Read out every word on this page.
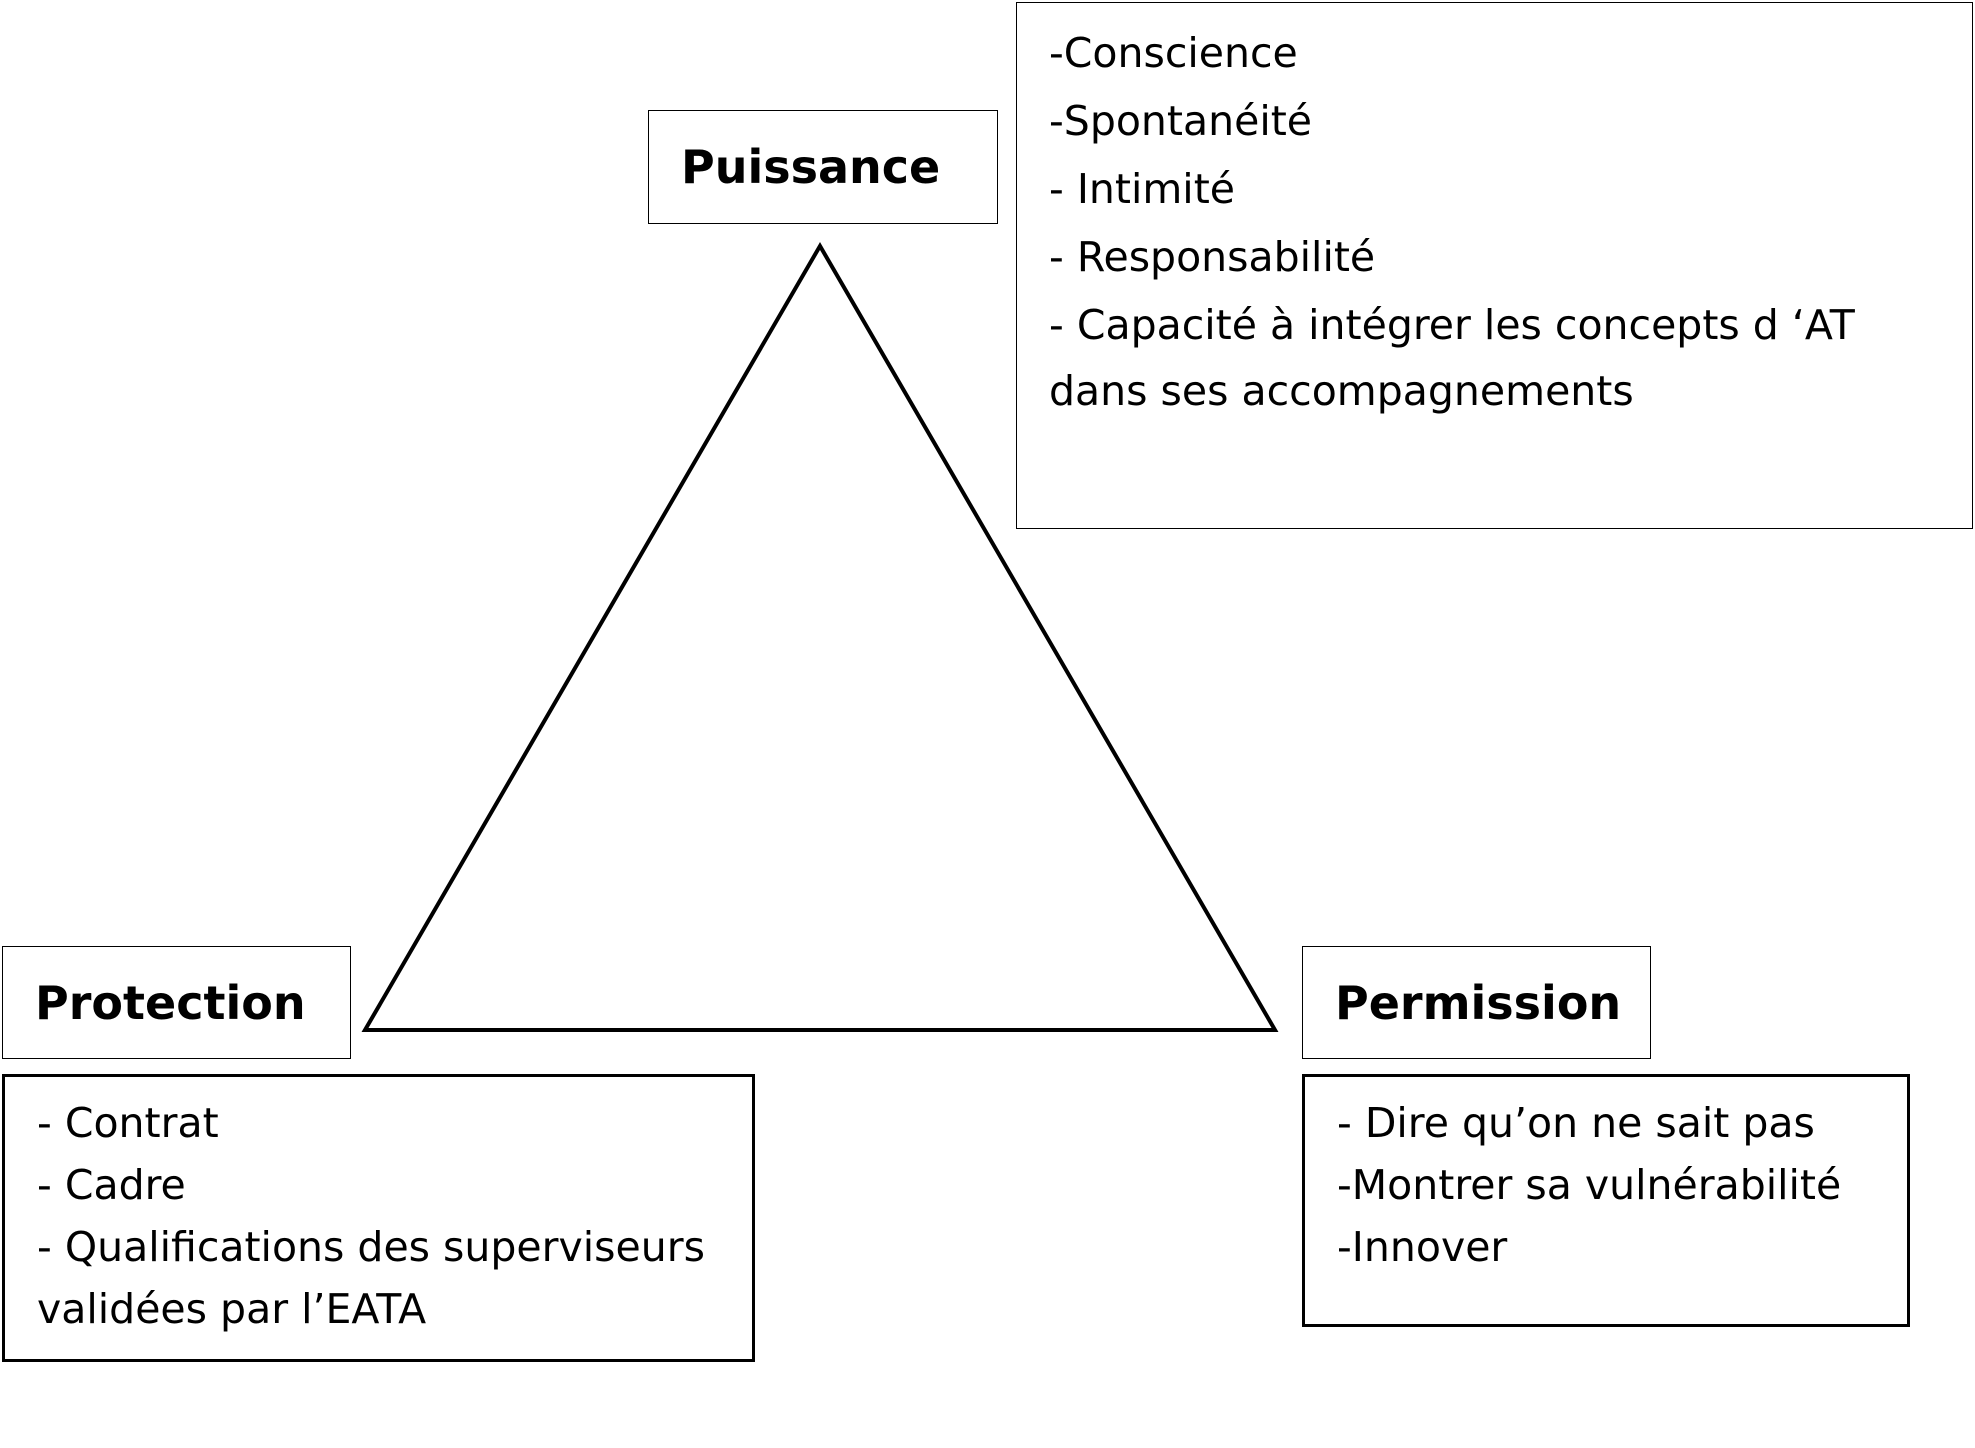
Puissance
-Conscience
-Spontanéité
- Intimité
- Responsabilité
- Capacité à intégrer les concepts d ‘AT
dans ses accompagnements
Protection
- Contrat
- Cadre
- Qualifications des superviseurs
validées par l’EATA
Permission
- Dire qu’on ne sait pas
-Montrer sa vulnérabilité
-Innover
